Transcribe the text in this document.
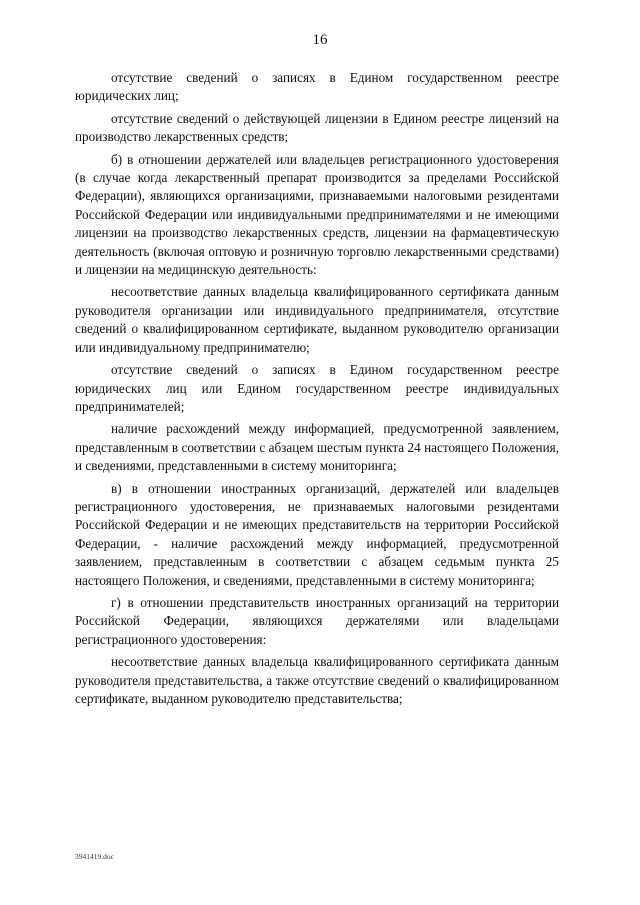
16

отсутствие сведений о записях в Едином государственном реестре юридических лиц;

отсутствие сведений о действующей лицензии в Едином реестре лицензий на производство лекарственных средств;

б) в отношении держателей или владельцев регистрационного удостоверения (в случае когда лекарственный препарат производится за пределами Российской Федерации), являющихся организациями, признаваемыми налоговыми резидентами Российской Федерации или индивидуальными предпринимателями и не имеющими лицензии на производство лекарственных средств, лицензии на фармацевтическую деятельность (включая оптовую и розничную торговлю лекарственными средствами) и лицензии на медицинскую деятельность:

несоответствие данных владельца квалифицированного сертификата данным руководителя организации или индивидуального предпринимателя, отсутствие сведений о квалифицированном сертификате, выданном руководителю организации или индивидуальному предпринимателю;

отсутствие сведений о записях в Едином государственном реестре юридических лиц или Едином государственном реестре индивидуальных предпринимателей;

наличие расхождений между информацией, предусмотренной заявлением, представленным в соответствии с абзацем шестым пункта 24 настоящего Положения, и сведениями, представленными в систему мониторинга;

в) в отношении иностранных организаций, держателей или владельцев регистрационного удостоверения, не признаваемых налоговыми резидентами Российской Федерации и не имеющих представительств на территории Российской Федерации, - наличие расхождений между информацией, предусмотренной заявлением, представленным в соответствии с абзацем седьмым пункта 25 настоящего Положения, и сведениями, представленными в систему мониторинга;

г) в отношении представительств иностранных организаций на территории Российской Федерации, являющихся держателями или владельцами регистрационного удостоверения:

несоответствие данных владельца квалифицированного сертификата данным руководителя представительства, а также отсутствие сведений о квалифицированном сертификате, выданном руководителю представительства;

3941419.doc
